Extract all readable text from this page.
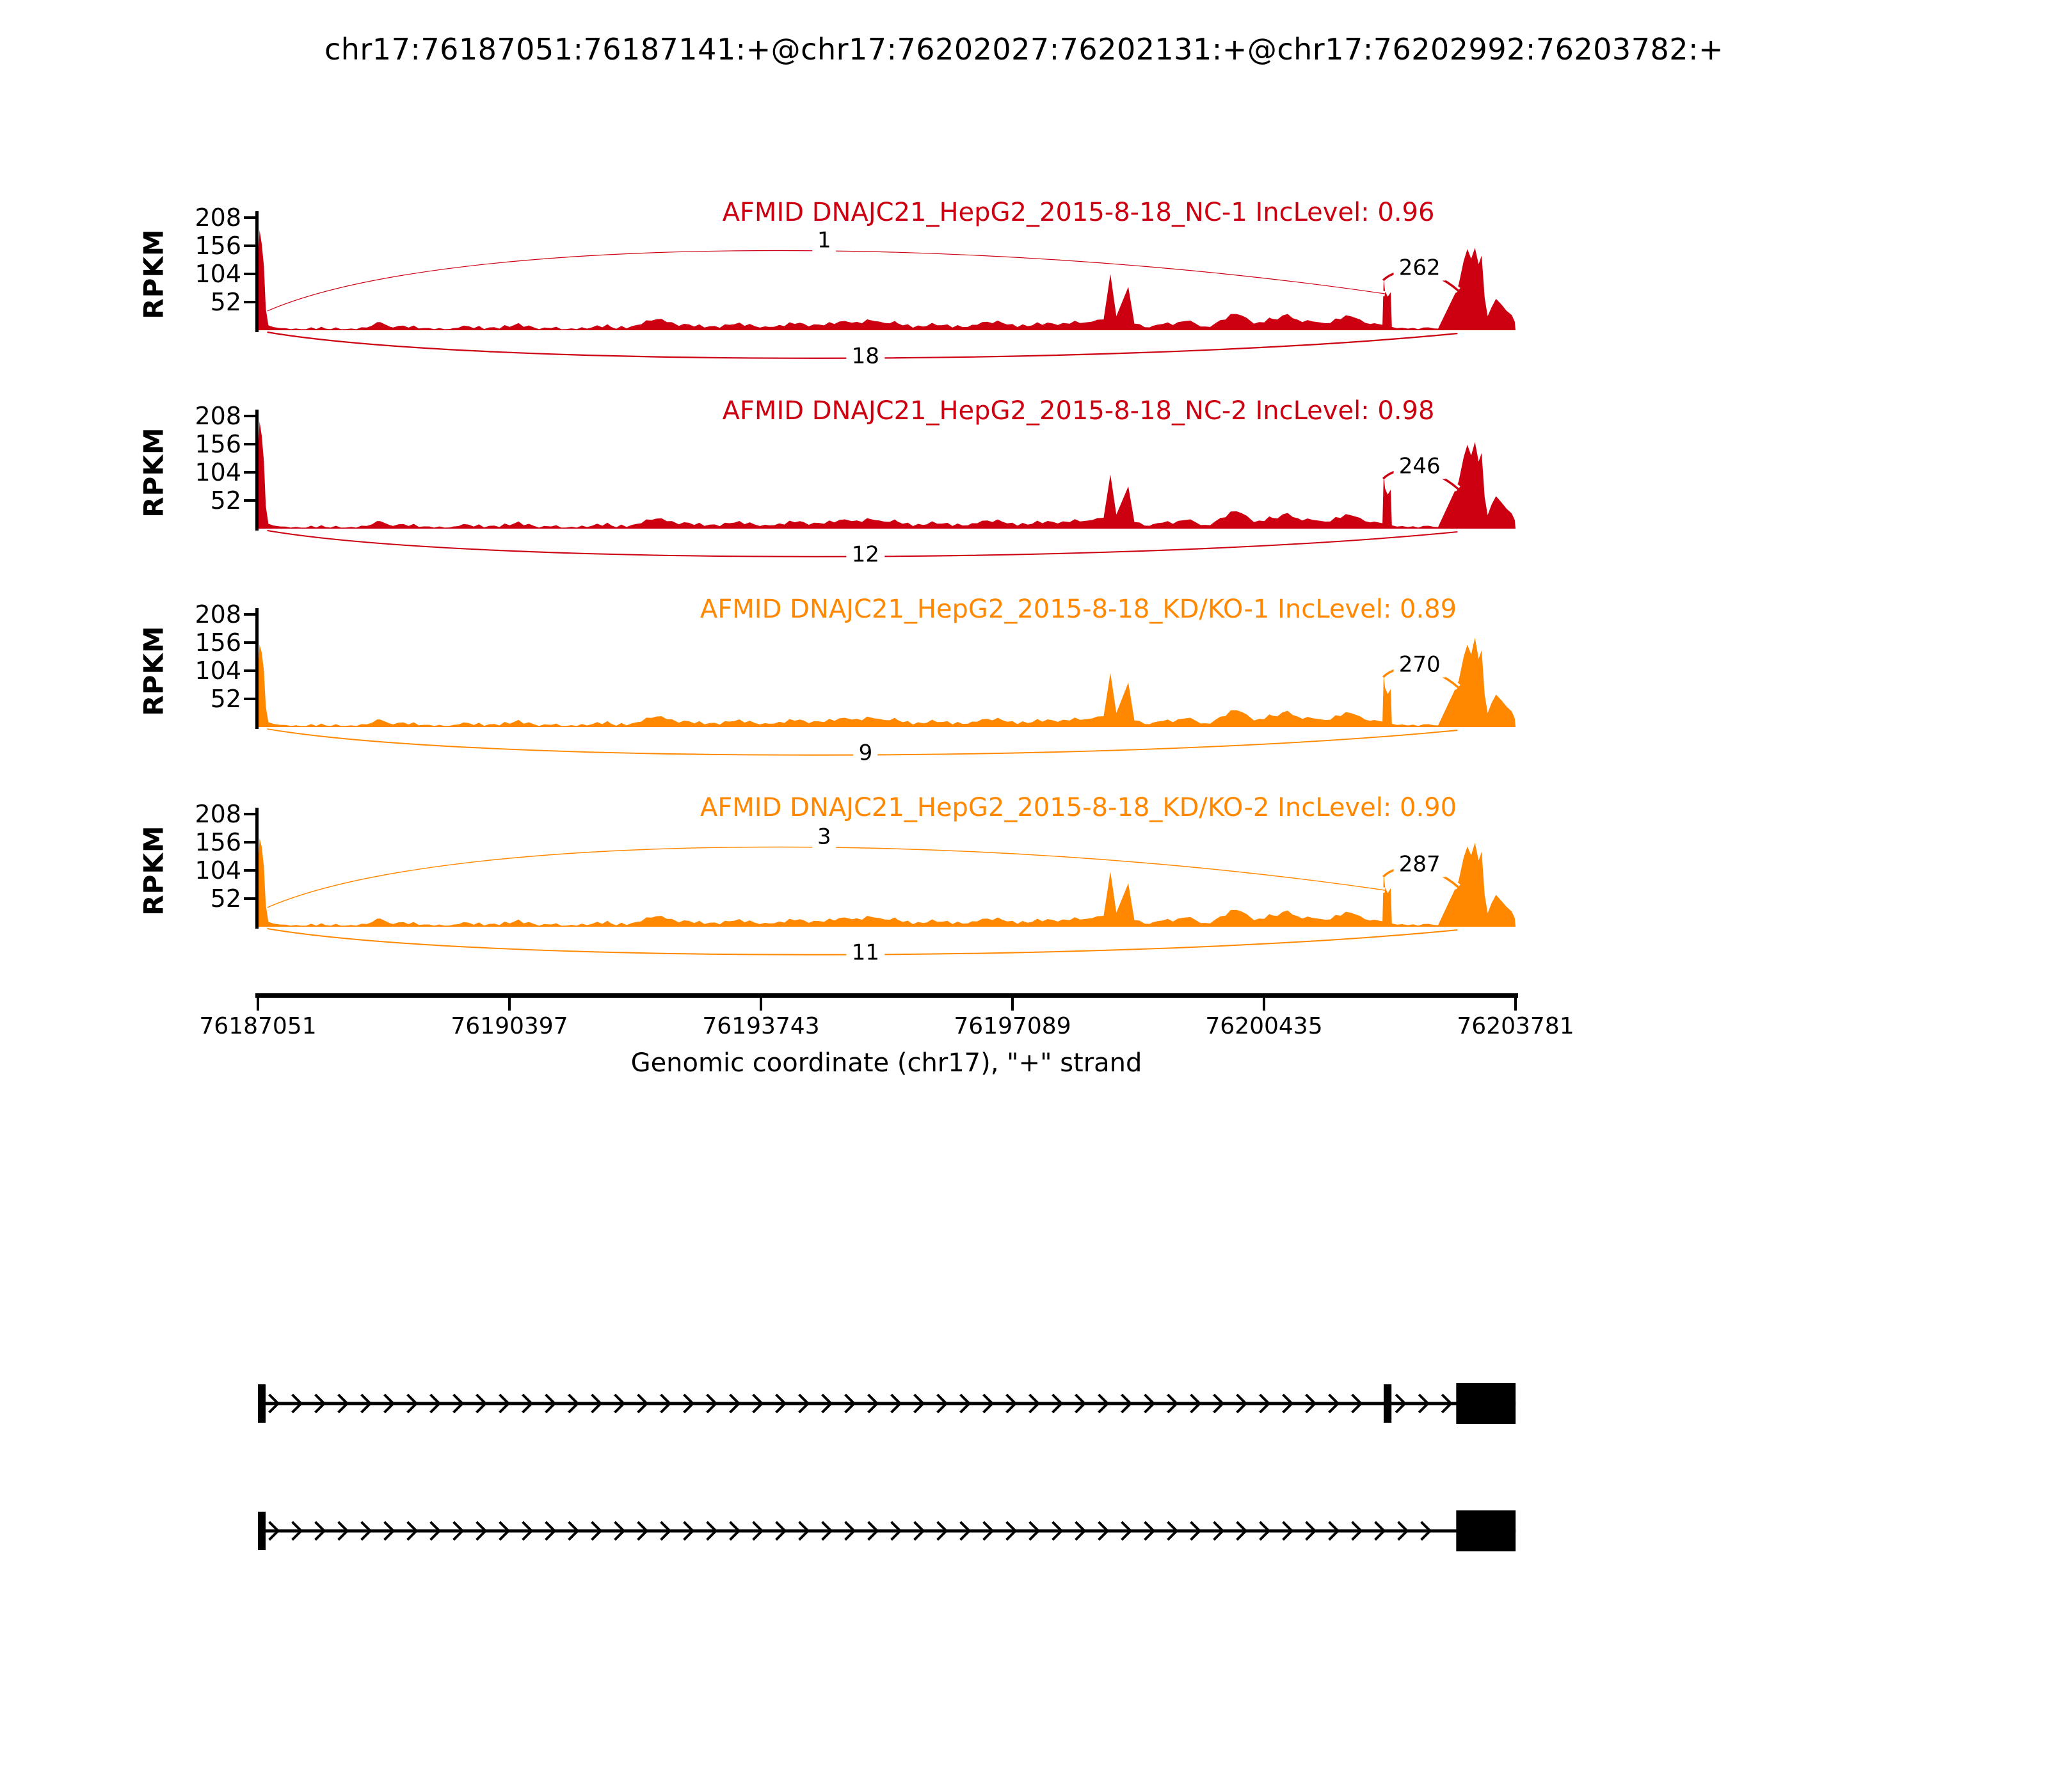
chr17:76187051:76187141:+@chr17:76202027:76202131:+@chr17:76202992:76203782:+
AFMID DNAJC21_HepG2_2015-8-18_NC-1 IncLevel: 0.96
AFMID DNAJC21_HepG2_2015-8-18_NC-2 IncLevel: 0.98
AFMID DNAJC21_HepG2_2015-8-18_KD/KO-1 IncLevel: 0.89
AFMID DNAJC21_HepG2_2015-8-18_KD/KO-2 IncLevel: 0.90
RPKM
RPKM
RPKM
RPKM
Genomic coordinate (chr17), "+" strand
1
18
262
52
104
156
208
12
246
52
104
156
208
9
270
52
104
156
208
3
11
287
52
104
156
208
76187051	76190397	76193743	76197089	76200435	76203781
